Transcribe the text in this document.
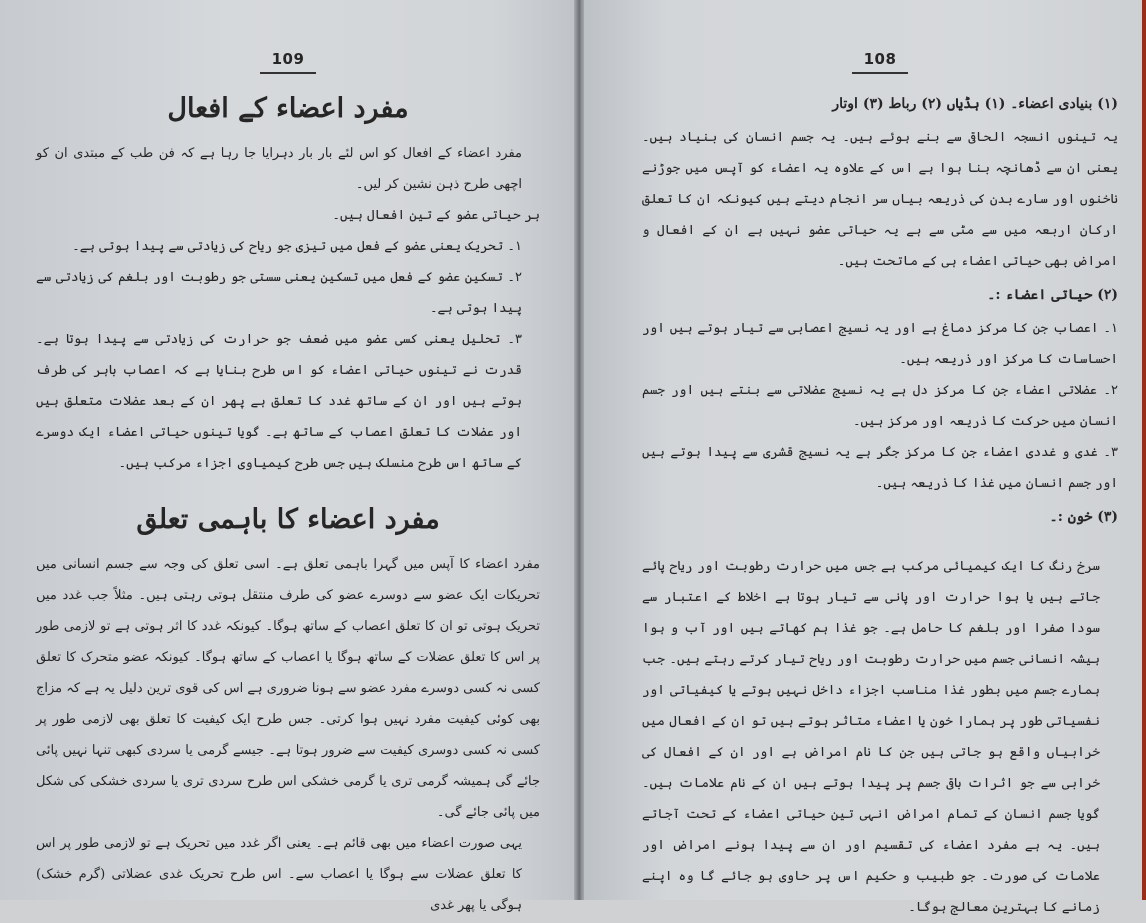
109
مفرد اعضاء کے افعال

مفرد اعضاء کے افعال کو اس لئے بار بار دہرایا جا رہا ہے کہ فن طب کے مبتدی ان کو اچھی طرح ذہن نشین کر لیں۔

ہر حیاتی عضو کے تین افعال ہیں۔

۱۔ تحریک یعنی عضو کے فعل میں تیزی جو ریاح کی زیادتی سے پیدا ہوتی ہے۔

۲۔ تسکین عضو کے فعل میں تسکین یعنی سستی جو رطوبت اور بلغم کی زیادتی سے پیدا ہوتی ہے۔

۳۔ تحلیل یعنی کسی عضو میں ضعف جو حرارت کی زیادتی سے پیدا ہوتا ہے۔ قدرت نے تینوں حیاتی اعضاء کو اس طرح بنایا ہے کہ اعصاب باہر کی طرف ہوتے ہیں اور ان کے ساتھ غدد کا تعلق ہے پھر ان کے بعد عضلات متعلق ہیں اور عضلات کا تعلق اعصاب کے ساتھ ہے۔ گویا تینوں حیاتی اعضاء ایک دوسرے کے ساتھ اس طرح منسلک ہیں جس طرح کیمیاوی اجزاء مرکب ہیں۔

مفرد اعضاء کا باہمی تعلق

مفرد اعضاء کا آپس میں گہرا باہمی تعلق ہے۔ اسی تعلق کی وجہ سے جسم انسانی میں تحریکات ایک عضو سے دوسرے عضو کی طرف منتقل ہوتی رہتی ہیں۔ مثلاً جب غدد میں تحریک ہوتی تو ان کا تعلق اعصاب کے ساتھ ہوگا۔ کیونکہ غدد کا اثر ہوتی ہے تو لازمی طور پر اس کا تعلق عضلات کے ساتھ ہوگا یا اعصاب کے ساتھ ہوگا۔ کیونکہ عضو متحرک کا تعلق کسی نہ کسی دوسرے مفرد عضو سے ہونا ضروری ہے اس کی قوی ترین دلیل یہ ہے کہ مزاج بھی کوئی کیفیت مفرد نہیں ہوا کرتی۔ جس طرح ایک کیفیت کا تعلق بھی لازمی طور پر کسی نہ کسی دوسری کیفیت سے ضرور ہوتا ہے۔ جیسے گرمی یا سردی کبھی تنہا نہیں پائی جائے گی ہمیشہ گرمی تری یا گرمی خشکی اس طرح سردی تری یا سردی خشکی کی شکل میں پائی جائے گی۔

یہی صورت اعضاء میں بھی قائم ہے۔ یعنی اگر غدد میں تحریک ہے تو لازمی طور پر اس کا تعلق عضلات سے ہوگا یا اعصاب سے۔ اس طرح تحریک غدی عضلاتی (گرم خشک) ہوگی یا پھر غدی

108

(۱) بنیادی اعضاء۔ (۱) ہڈیاں (۲) رباط (۳) اوتار

یہ تینوں انسجہ الحاقی سے بنے ہوئے ہیں۔ یہ جسم انسان کی بنیاد ہیں۔ یعنی ان سے ڈھانچہ بنا ہوا ہے اس کے علاوہ یہ اعضاء کو آپس میں جوڑنے ناخنوں اور سارے بدن کی ذریعہ بیاں سر انجام دیتے ہیں کیونکہ ان کا تعلق ارکان اربعہ میں سے مٹی سے ہے یہ حیاتی عضو نہیں ہے ان کے افعال و امراض بھی حیاتی اعضاء ہی کے ماتحت ہیں۔

(۲) حیاتی اعضاء :۔

۱۔ اعصاب جن کا مرکز دماغ ہے اور یہ نسیج اعصابی سے تیار ہوتے ہیں اور احساسات کا مرکز اور ذریعہ ہیں۔

۲۔ عضلاتی اعضاء جن کا مرکز دل ہے یہ نسیج عضلاتی سے بنتے ہیں اور جسم انسان میں حرکت کا ذریعہ اور مرکز ہیں۔

۳۔ غدی و غددی اعضاء جن کا مرکز جگر ہے یہ نسیج قشری سے پیدا ہوتے ہیں اور جسم انسان میں غذا کا ذریعہ ہیں۔

(۳) خون :۔

سرخ رنگ کا ایک کیمیائی مرکب ہے جس میں حرارت رطوبت اور ریاح پائے جاتے ہیں یا ہوا حرارت اور پانی سے تیار ہوتا ہے اخلاط کے اعتبار سے سودا صفرا اور بلغم کا حامل ہے۔ جو غذا ہم کھاتے ہیں اور آب و ہوا ہیشہ انسانی جسم میں حرارت رطوبت اور ریاح تیار کرتے رہتے ہیں۔ جب ہمارے جسم میں بطور غذا مناسب اجزاء داخل نہیں ہوتے یا کیفیاتی اور نفسیاتی طور پر ہمارا خون یا اعضاء متاثر ہوتے ہیں تو ان کے افعال میں خرابیاں واقع ہو جاتی ہیں جن کا نام امراض ہے اور ان کے افعال کی خرابی سے جو اثرات باقی جسم پر پیدا ہوتے ہیں ان کے نام علامات ہیں۔ گویا جسم انسان کے تمام امراض انہی تین حیاتی اعضاء کے تحت آجاتے ہیں۔ یہ ہے مفرد اعضاء کی تقسیم اور ان سے پیدا ہونے امراض اور علامات کی صورت۔ جو طبیب و حکیم اس پر حاوی ہو جائے گا وہ اپنے زمانے کا بہترین معالج ہوگا۔
